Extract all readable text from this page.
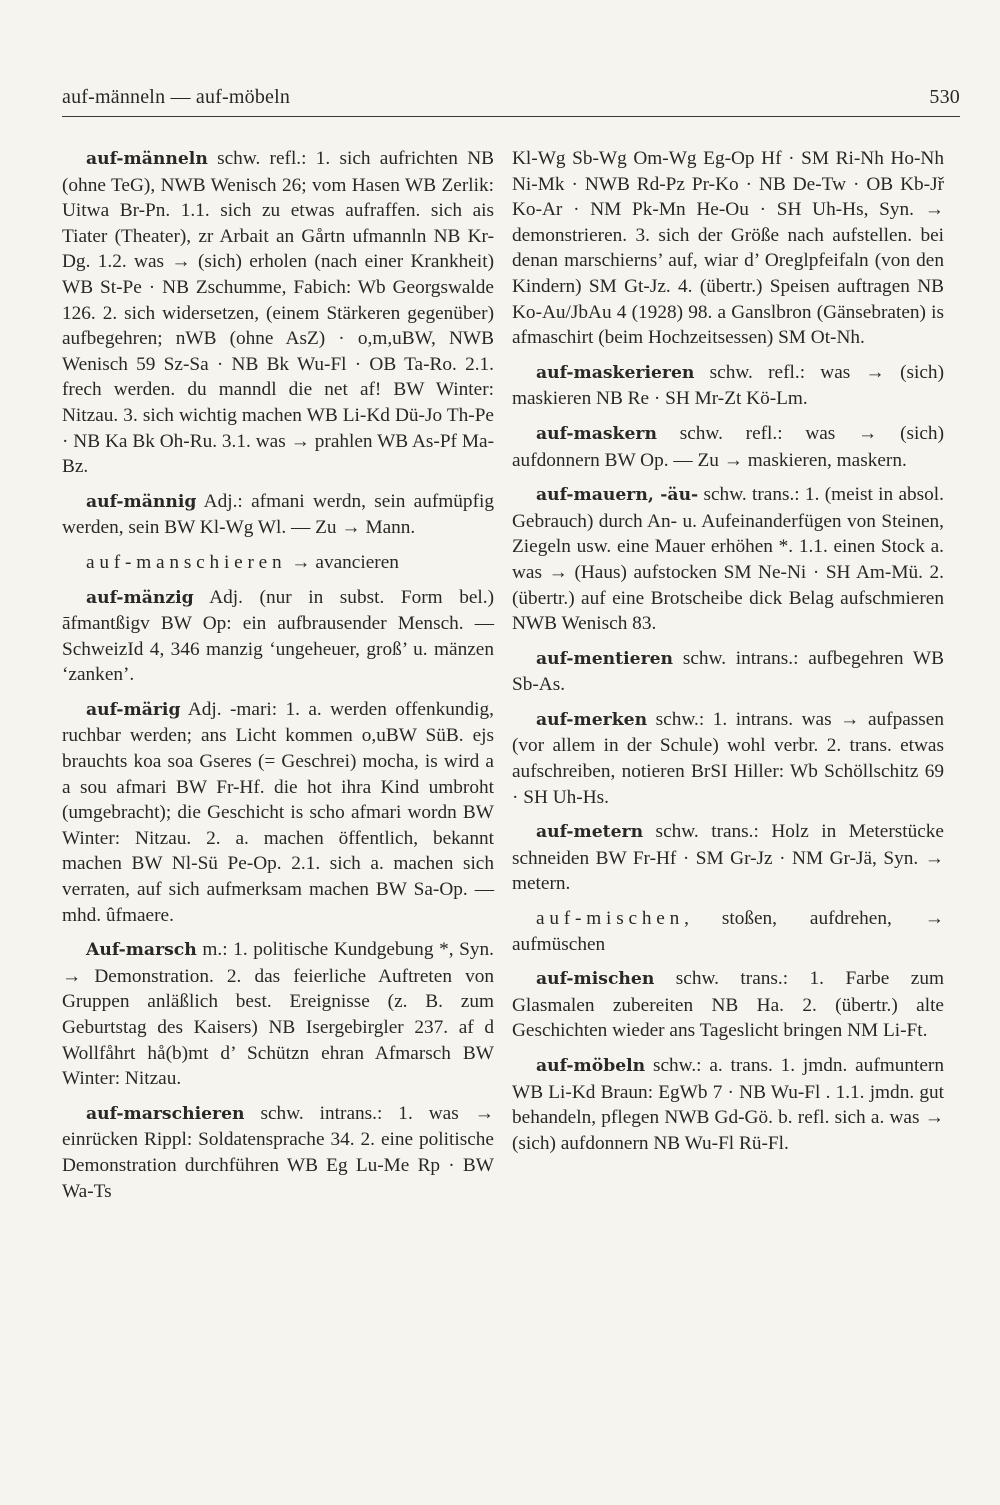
auf-männeln — auf-möbeln	530

auf-männeln schw. refl.: 1. sich aufrichten NB (ohne TeG), NWB Wenisch 26; vom Hasen WB Zerlik: Uitwa Br-Pn. 1.1. sich zu etwas aufraffen. sich ais Tiater (Theater), zr Arbait an Gårtn ufmannln NB Kr-Dg. 1.2. was → (sich) erholen (nach einer Krankheit) WB St-Pe · NB Zschumme, Fabich: Wb Georgswalde 126. 2. sich widersetzen, (einem Stärkeren gegenüber) aufbegehren; nWB (ohne AsZ) · o,m,uBW, NWB Wenisch 59 Sz-Sa · NB Bk Wu-Fl · OB Ta-Ro. 2.1. frech werden. du manndl die net af! BW Winter: Nitzau. 3. sich wichtig machen WB Li-Kd Dü-Jo Th-Pe · NB Ka Bk Oh-Ru. 3.1. was → prahlen WB As-Pf Ma-Bz.

auf-männig Adj.: afmani werdn, sein aufmüpfig werden, sein BW Kl-Wg Wl. — Zu → Mann.

auf-manschieren → avancieren

auf-mänzig Adj. (nur in subst. Form bel.) āfmantßigv BW Op: ein aufbrausender Mensch. — SchweizId 4, 346 manzig ‘ungeheuer, groß’ u. mänzen ‘zanken’.

auf-märig Adj. -mari: 1. a. werden offenkundig, ruchbar werden; ans Licht kommen o,uBW SüB. ejs brauchts koa soa Gseres (= Geschrei) mocha, is wird a a sou afmari BW Fr-Hf. die hot ihra Kind umbroht (umgebracht); die Geschicht is scho afmari wordn BW Winter: Nitzau. 2. a. machen öffentlich, bekannt machen BW Nl-Sü Pe-Op. 2.1. sich a. machen sich verraten, auf sich aufmerksam machen BW Sa-Op. — mhd. ûfmaere.

Auf-marsch m.: 1. politische Kundgebung *, Syn. → Demonstration. 2. das feierliche Auftreten von Gruppen anläßlich best. Ereignisse (z. B. zum Geburtstag des Kaisers) NB Isergebirgler 237. af d Wollfåhrt hå(b)mt d’ Schützn ehran Afmarsch BW Winter: Nitzau.

auf-marschieren schw. intrans.: 1. was → einrücken Rippl: Soldatensprache 34. 2. eine politische Demonstration durchführen WB Eg Lu-Me Rp · BW Wa-Ts

Kl-Wg Sb-Wg Om-Wg Eg-Op Hf · SM Ri-Nh Ho-Nh Ni-Mk · NWB Rd-Pz Pr-Ko · NB De-Tw · OB Kb-Jř Ko-Ar · NM Pk-Mn He-Ou · SH Uh-Hs, Syn. → demonstrieren. 3. sich der Größe nach aufstellen. bei denan marschierns’ auf, wiar d’ Oreglpfeifaln (von den Kindern) SM Gt-Jz. 4. (übertr.) Speisen auftragen NB Ko-Au/JbAu 4 (1928) 98. a Ganslbron (Gänsebraten) is afmaschirt (beim Hochzeitsessen) SM Ot-Nh.

auf-maskerieren schw. refl.: was → (sich) maskieren NB Re · SH Mr-Zt Kö-Lm.

auf-maskern schw. refl.: was → (sich) aufdonnern BW Op. — Zu → maskieren, maskern.

auf-mauern, -äu- schw. trans.: 1. (meist in absol. Gebrauch) durch An- u. Aufeinanderfügen von Steinen, Ziegeln usw. eine Mauer erhöhen *. 1.1. einen Stock a. was → (Haus) aufstocken SM Ne-Ni · SH Am-Mü. 2. (übertr.) auf eine Brotscheibe dick Belag aufschmieren NWB Wenisch 83.

auf-mentieren schw. intrans.: aufbegehren WB Sb-As.

auf-merken schw.: 1. intrans. was → aufpassen (vor allem in der Schule) wohl verbr. 2. trans. etwas aufschreiben, notieren BrSI Hiller: Wb Schöllschitz 69 · SH Uh-Hs.

auf-metern schw. trans.: Holz in Meterstücke schneiden BW Fr-Hf · SM Gr-Jz · NM Gr-Jä, Syn. → metern.

auf-mischen, stoßen, aufdrehen, → aufmüschen

auf-mischen schw. trans.: 1. Farbe zum Glasmalen zubereiten NB Ha. 2. (übertr.) alte Geschichten wieder ans Tageslicht bringen NM Li-Ft.

auf-möbeln schw.: a. trans. 1. jmdn. aufmuntern WB Li-Kd Braun: EgWb 7 · NB Wu-Fl . 1.1. jmdn. gut behandeln, pflegen NWB Gd-Gö. b. refl. sich a. was → (sich) aufdonnern NB Wu-Fl Rü-Fl.
